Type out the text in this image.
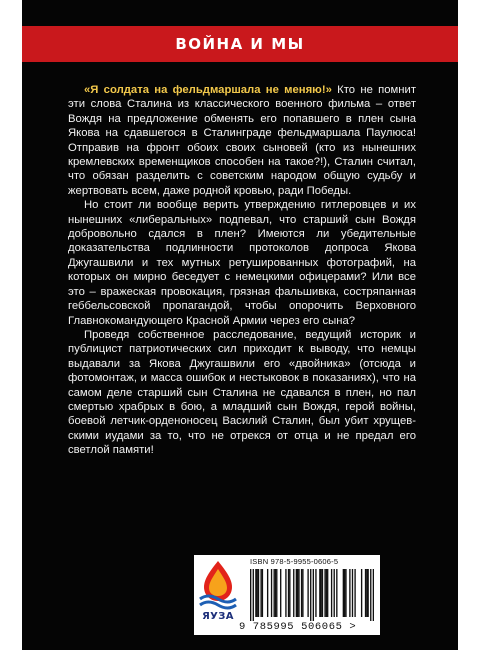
ВОЙНА И МЫ

«Я солдата на фельдмаршала не меняю!» Кто не помнит эти слова Сталина из классического военного фильма – ответ Вождя на предложение обменять его попавшего в плен сына Якова на сдавшегося в Сталинграде фельдмаршала Паулюса! Отправив на фронт обоих своих сыновей (кто из нынешних кремлевских временщиков способен на такое?!), Сталин считал, что обязан разделить с советским народом общую судьбу и жертвовать всем, даже родной кровью, ради Победы.

Но стоит ли вообще верить утверждению гитлеровцев и их нынешних «либеральных» подпевал, что старший сын Вождя добровольно сдался в плен? Имеются ли убедительные доказательства подлинности протоколов допроса Якова Джугашвили и тех мутных ретушированных фотографий, на которых он мирно беседует с немецкими офицерами? Или все это – вражеская провокация, грязная фальшивка, состряпанная геббельсовской пропагандой, чтобы опорочить Верховного Главнокомандующего Красной Армии через его сына?

Проведя собственное расследование, ведущий историк и публицист патриотических сил приходит к выводу, что немцы выдавали за Якова Джугашвили его «двойника» (отсюда и фотомонтаж, и масса ошибок и нестыковок в показаниях), что на самом деле старший сын Сталина не сдавался в плен, но пал смертью храбрых в бою, а младший сын Вождя, герой войны, боевой летчик-орденоносец Василий Сталин, был убит хрущевскими иудами за то, что не отрекся от отца и не предал его светлой памяти!

ЯУЗА
ISBN 978-5-9955-0606-5
9 785995 506065 >
